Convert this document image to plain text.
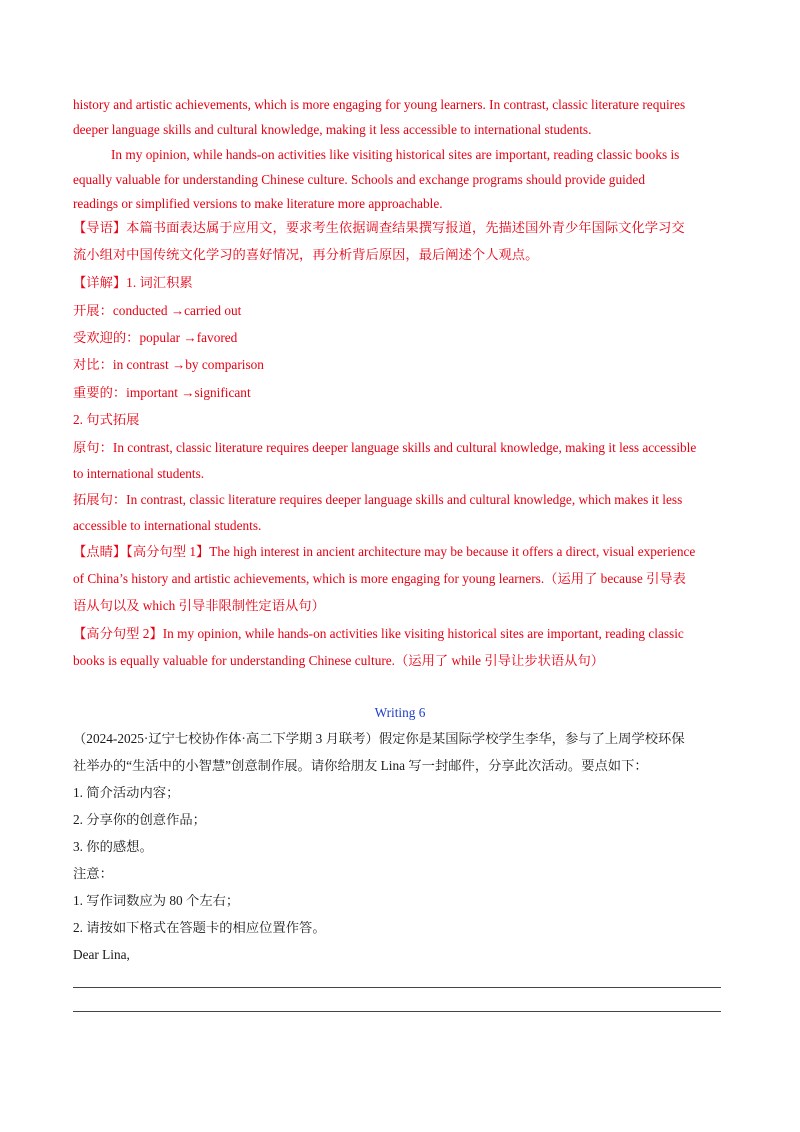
history and artistic achievements, which is more engaging for young learners. In contrast, classic literature requires
deeper language skills and cultural knowledge, making it less accessible to international students.
In my opinion, while hands-on activities like visiting historical sites are important, reading classic books is
equally valuable for understanding Chinese culture. Schools and exchange programs should provide guided
readings or simplified versions to make literature more approachable.
【导语】本篇书面表达属于应用文，要求考生依据调查结果撰写报道，先描述国外青少年国际文化学习交
流小组对中国传统文化学习的喜好情况，再分析背后原因，最后阐述个人观点。
【详解】1. 词汇积累
开展：conducted →carried out
受欢迎的：popular →favored
对比：in contrast →by comparison
重要的：important →significant
2. 句式拓展
原句：In contrast, classic literature requires deeper language skills and cultural knowledge, making it less accessible
to international students.
拓展句：In contrast, classic literature requires deeper language skills and cultural knowledge, which makes it less
accessible to international students.
【点睛】【高分句型 1】The high interest in ancient architecture may be because it offers a direct, visual experience
of China’s history and artistic achievements, which is more engaging for young learners.（运用了 because 引导表
语从句以及 which 引导非限制性定语从句）
【高分句型 2】In my opinion, while hands-on activities like visiting historical sites are important, reading classic
books is equally valuable for understanding Chinese culture.（运用了 while 引导让步状语从句）
Writing 6
（2024-2025·辽宁七校协作体·高二下学期 3 月联考）假定你是某国际学校学生李华，参与了上周学校环保
社举办的“生活中的小智慧”创意制作展。请你给朋友 Lina 写一封邮件，分享此次活动。要点如下：
1. 简介活动内容；
2. 分享你的创意作品；
3. 你的感想。
注意：
1. 写作词数应为 80 个左右；
2. 请按如下格式在答题卡的相应位置作答。
Dear Lina,
